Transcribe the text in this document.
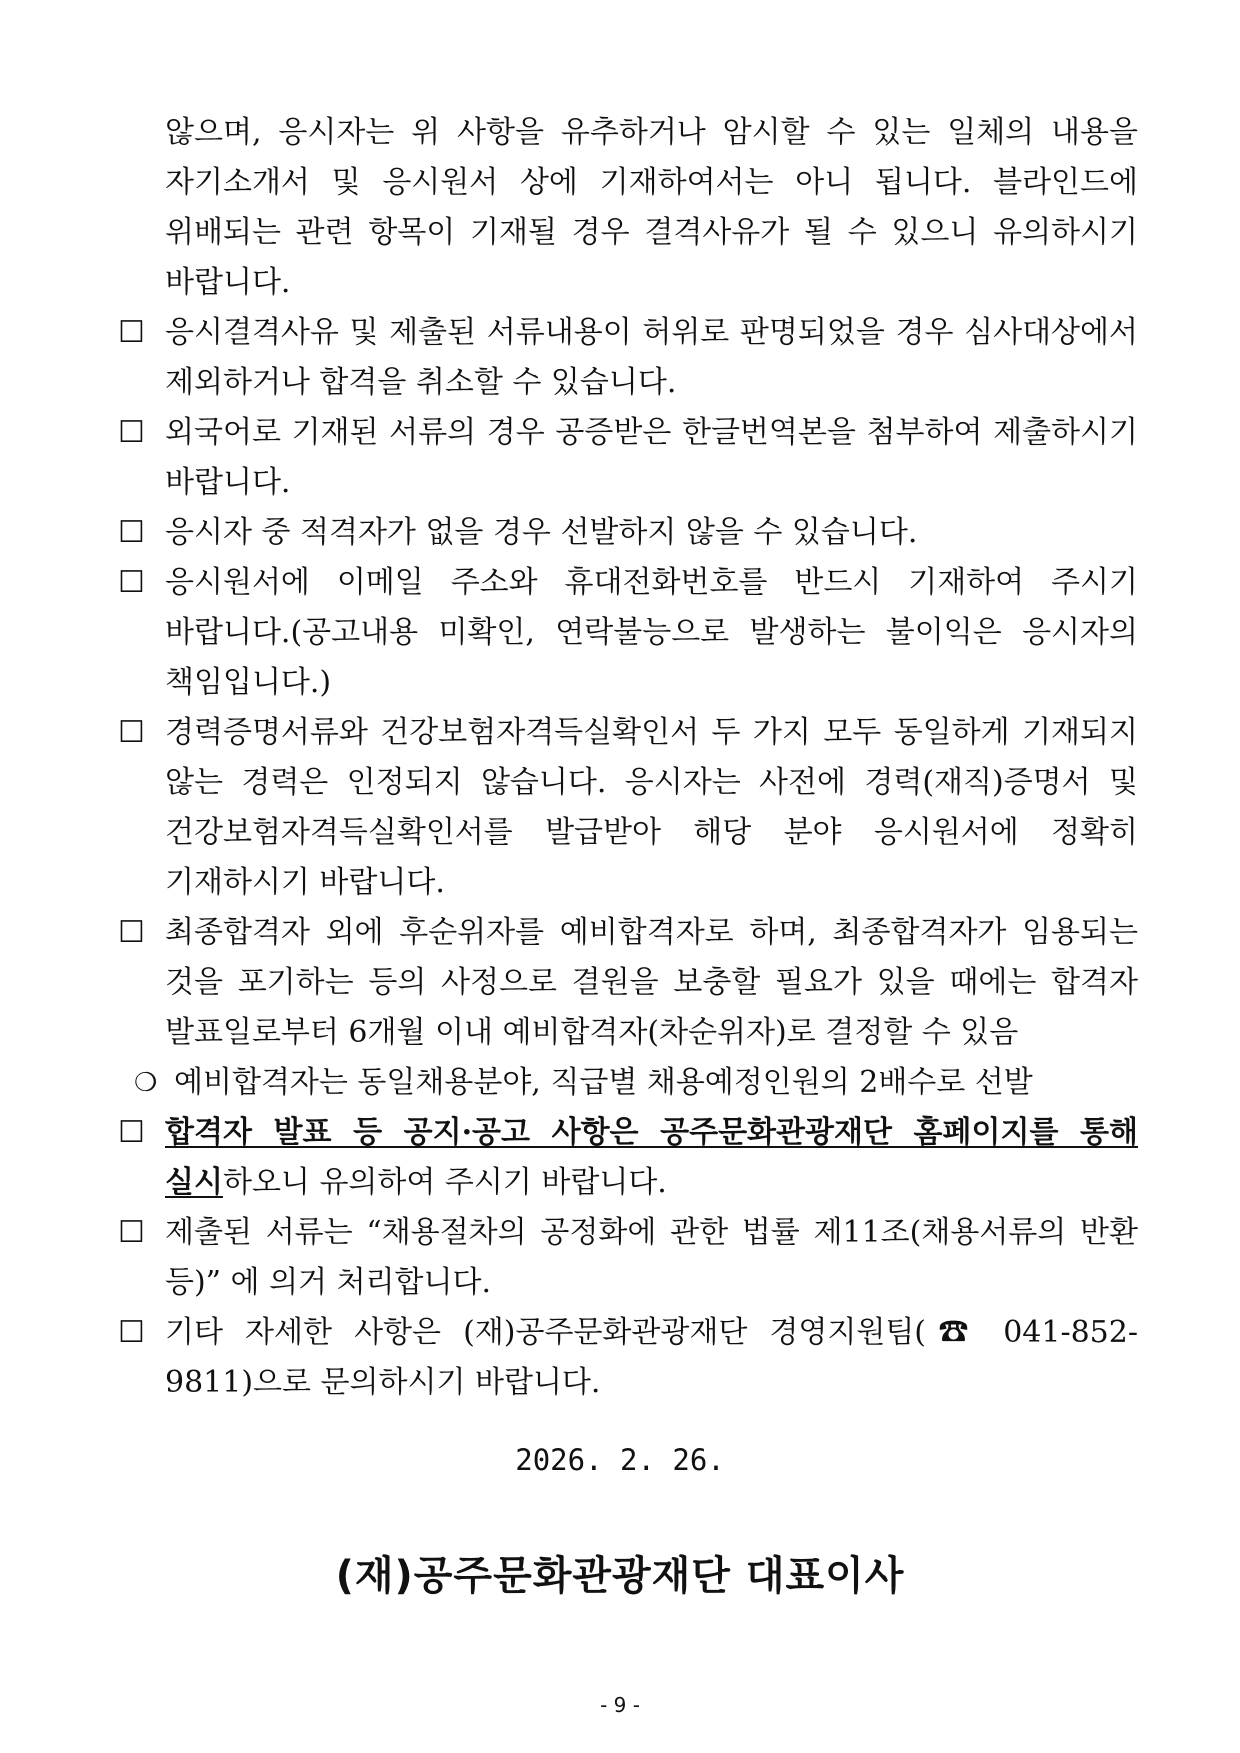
않으며, 응시자는 위 사항을 유추하거나 암시할 수 있는 일체의 내용을 자기소개서 및 응시원서 상에 기재하여서는 아니 됩니다. 블라인드에 위배되는 관련 항목이 기재될 경우 결격사유가 될 수 있으니 유의하시기 바랍니다.
☐ 응시결격사유 및 제출된 서류내용이 허위로 판명되었을 경우 심사대상에서 제외하거나 합격을 취소할 수 있습니다.
☐ 외국어로 기재된 서류의 경우 공증받은 한글번역본을 첨부하여 제출하시기 바랍니다.
☐ 응시자 중 적격자가 없을 경우 선발하지 않을 수 있습니다.
☐ 응시원서에 이메일 주소와 휴대전화번호를 반드시 기재하여 주시기 바랍니다.(공고내용 미확인, 연락불능으로 발생하는 불이익은 응시자의 책임입니다.)
☐ 경력증명서류와 건강보험자격득실확인서 두 가지 모두 동일하게 기재되지 않는 경력은 인정되지 않습니다. 응시자는 사전에 경력(재직)증명서 및 건강보험자격득실확인서를 발급받아 해당 분야 응시원서에 정확히 기재하시기 바랍니다.
☐ 최종합격자 외에 후순위자를 예비합격자로 하며, 최종합격자가 임용되는 것을 포기하는 등의 사정으로 결원을 보충할 필요가 있을 때에는 합격자 발표일로부터 6개월 이내 예비합격자(차순위자)로 결정할 수 있음
❍ 예비합격자는 동일채용분야, 직급별 채용예정인원의 2배수로 선발
☐ 합격자 발표 등 공지·공고 사항은 공주문화관광재단 홈페이지를 통해 실시하오니 유의하여 주시기 바랍니다.
☐ 제출된 서류는 “채용절차의 공정화에 관한 법률 제11조(채용서류의 반환 등)” 에 의거 처리합니다.
☐ 기타 자세한 사항은 (재)공주문화관광재단 경영지원팀(☎ 041-852-9811)으로 문의하시기 바랍니다.
2026. 2. 26.
(재)공주문화관광재단 대표이사
- 9 -
